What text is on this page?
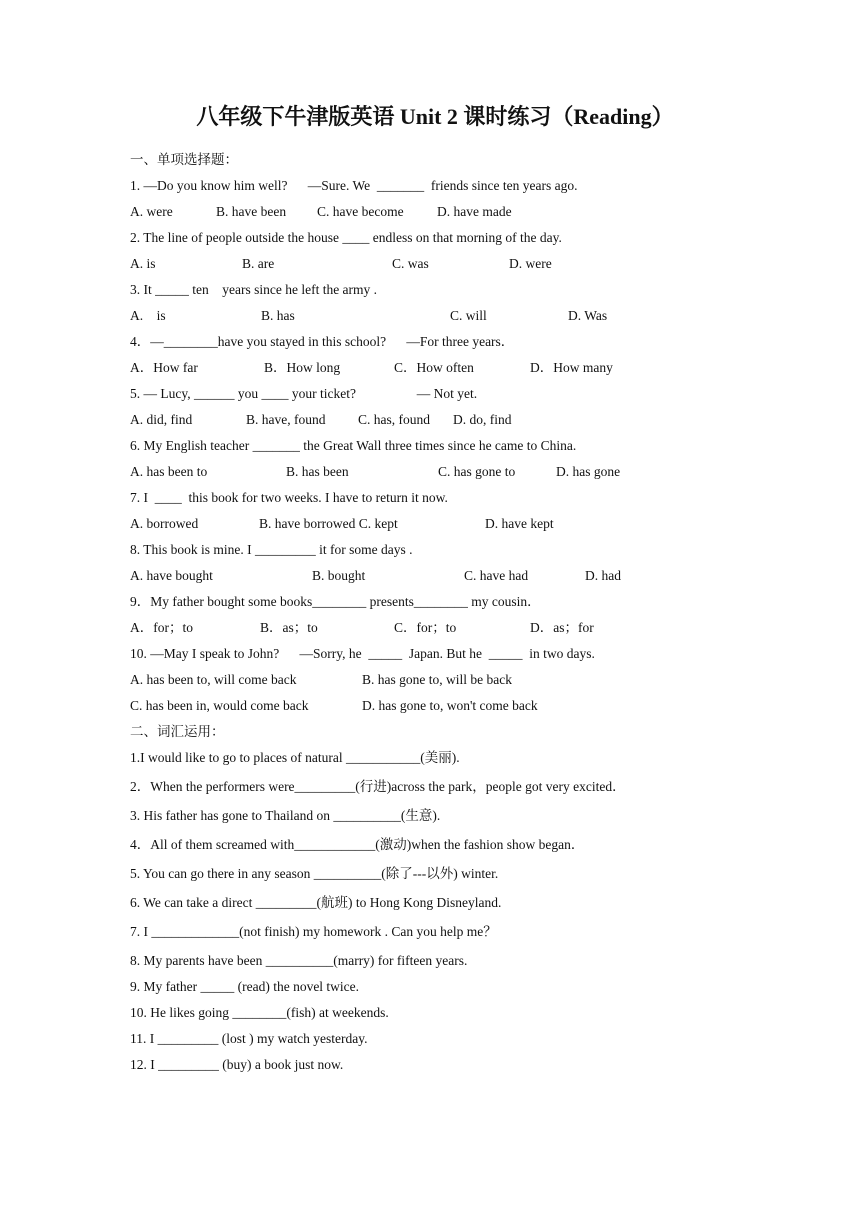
八年级下牛津版英语 Unit 2 课时练习（Reading）
一、单项选择题：
1. —Do you know him well?      —Sure. We  _______  friends since ten years ago.
A. were	B. have been C. have become D. have made
2. The line of people outside the house ____ endless on that morning of the day.
A. is	B. are	C. was	D. were
3. It _____ ten    years since he left the army .
A.    is	B. has	C. will	D. Was
4．—________have you stayed in this school?      —For three years．
A．How far	B．How long	C．How often	D．How many
5. — Lucy, ______ you ____ your ticket?                  — Not yet.
A. did, find	B. have, found C. has, found D. do, find
6. My English teacher _______ the Great Wall three times since he came to China.
A. has been to	B. has been	C. has gone to	D. has gone
7. I  ____  this book for two weeks. I have to return it now.
A. borrowed	B. have borrowed C. kept	D. have kept
8. This book is mine. I _________ it for some days .
A. have bought	B. bought	C. have had	D. had
9．My father bought some books________ presents________ my cousin．
A．for；to	B．as；to	C．for；to	D．as；for
10. —May I speak to John?      —Sorry, he  _____  Japan. But he  _____  in two days.
A. has been to, will come back	B. has gone to, will be back
C. has been in, would come back	D. has gone to, won't come back
二、词汇运用：
1.I would like to go to places of natural ___________(美丽).
2．When the performers were_________(行进)across the park，people got very excited．
3. His father has gone to Thailand on __________(生意).
4．All of them screamed with____________(激动)when the fashion show began．
5. You can go there in any season __________(除了---以外) winter.
6. We can take a direct _________(航班) to Hong Kong Disneyland.
7. I _____________(not finish) my homework . Can you help me？
8. My parents have been __________(marry) for fifteen years.
9. My father _____ (read) the novel twice.
10. He likes going ________(fish) at weekends.
11. I _________ (lost ) my watch yesterday.
12. I _________ (buy) a book just now.
